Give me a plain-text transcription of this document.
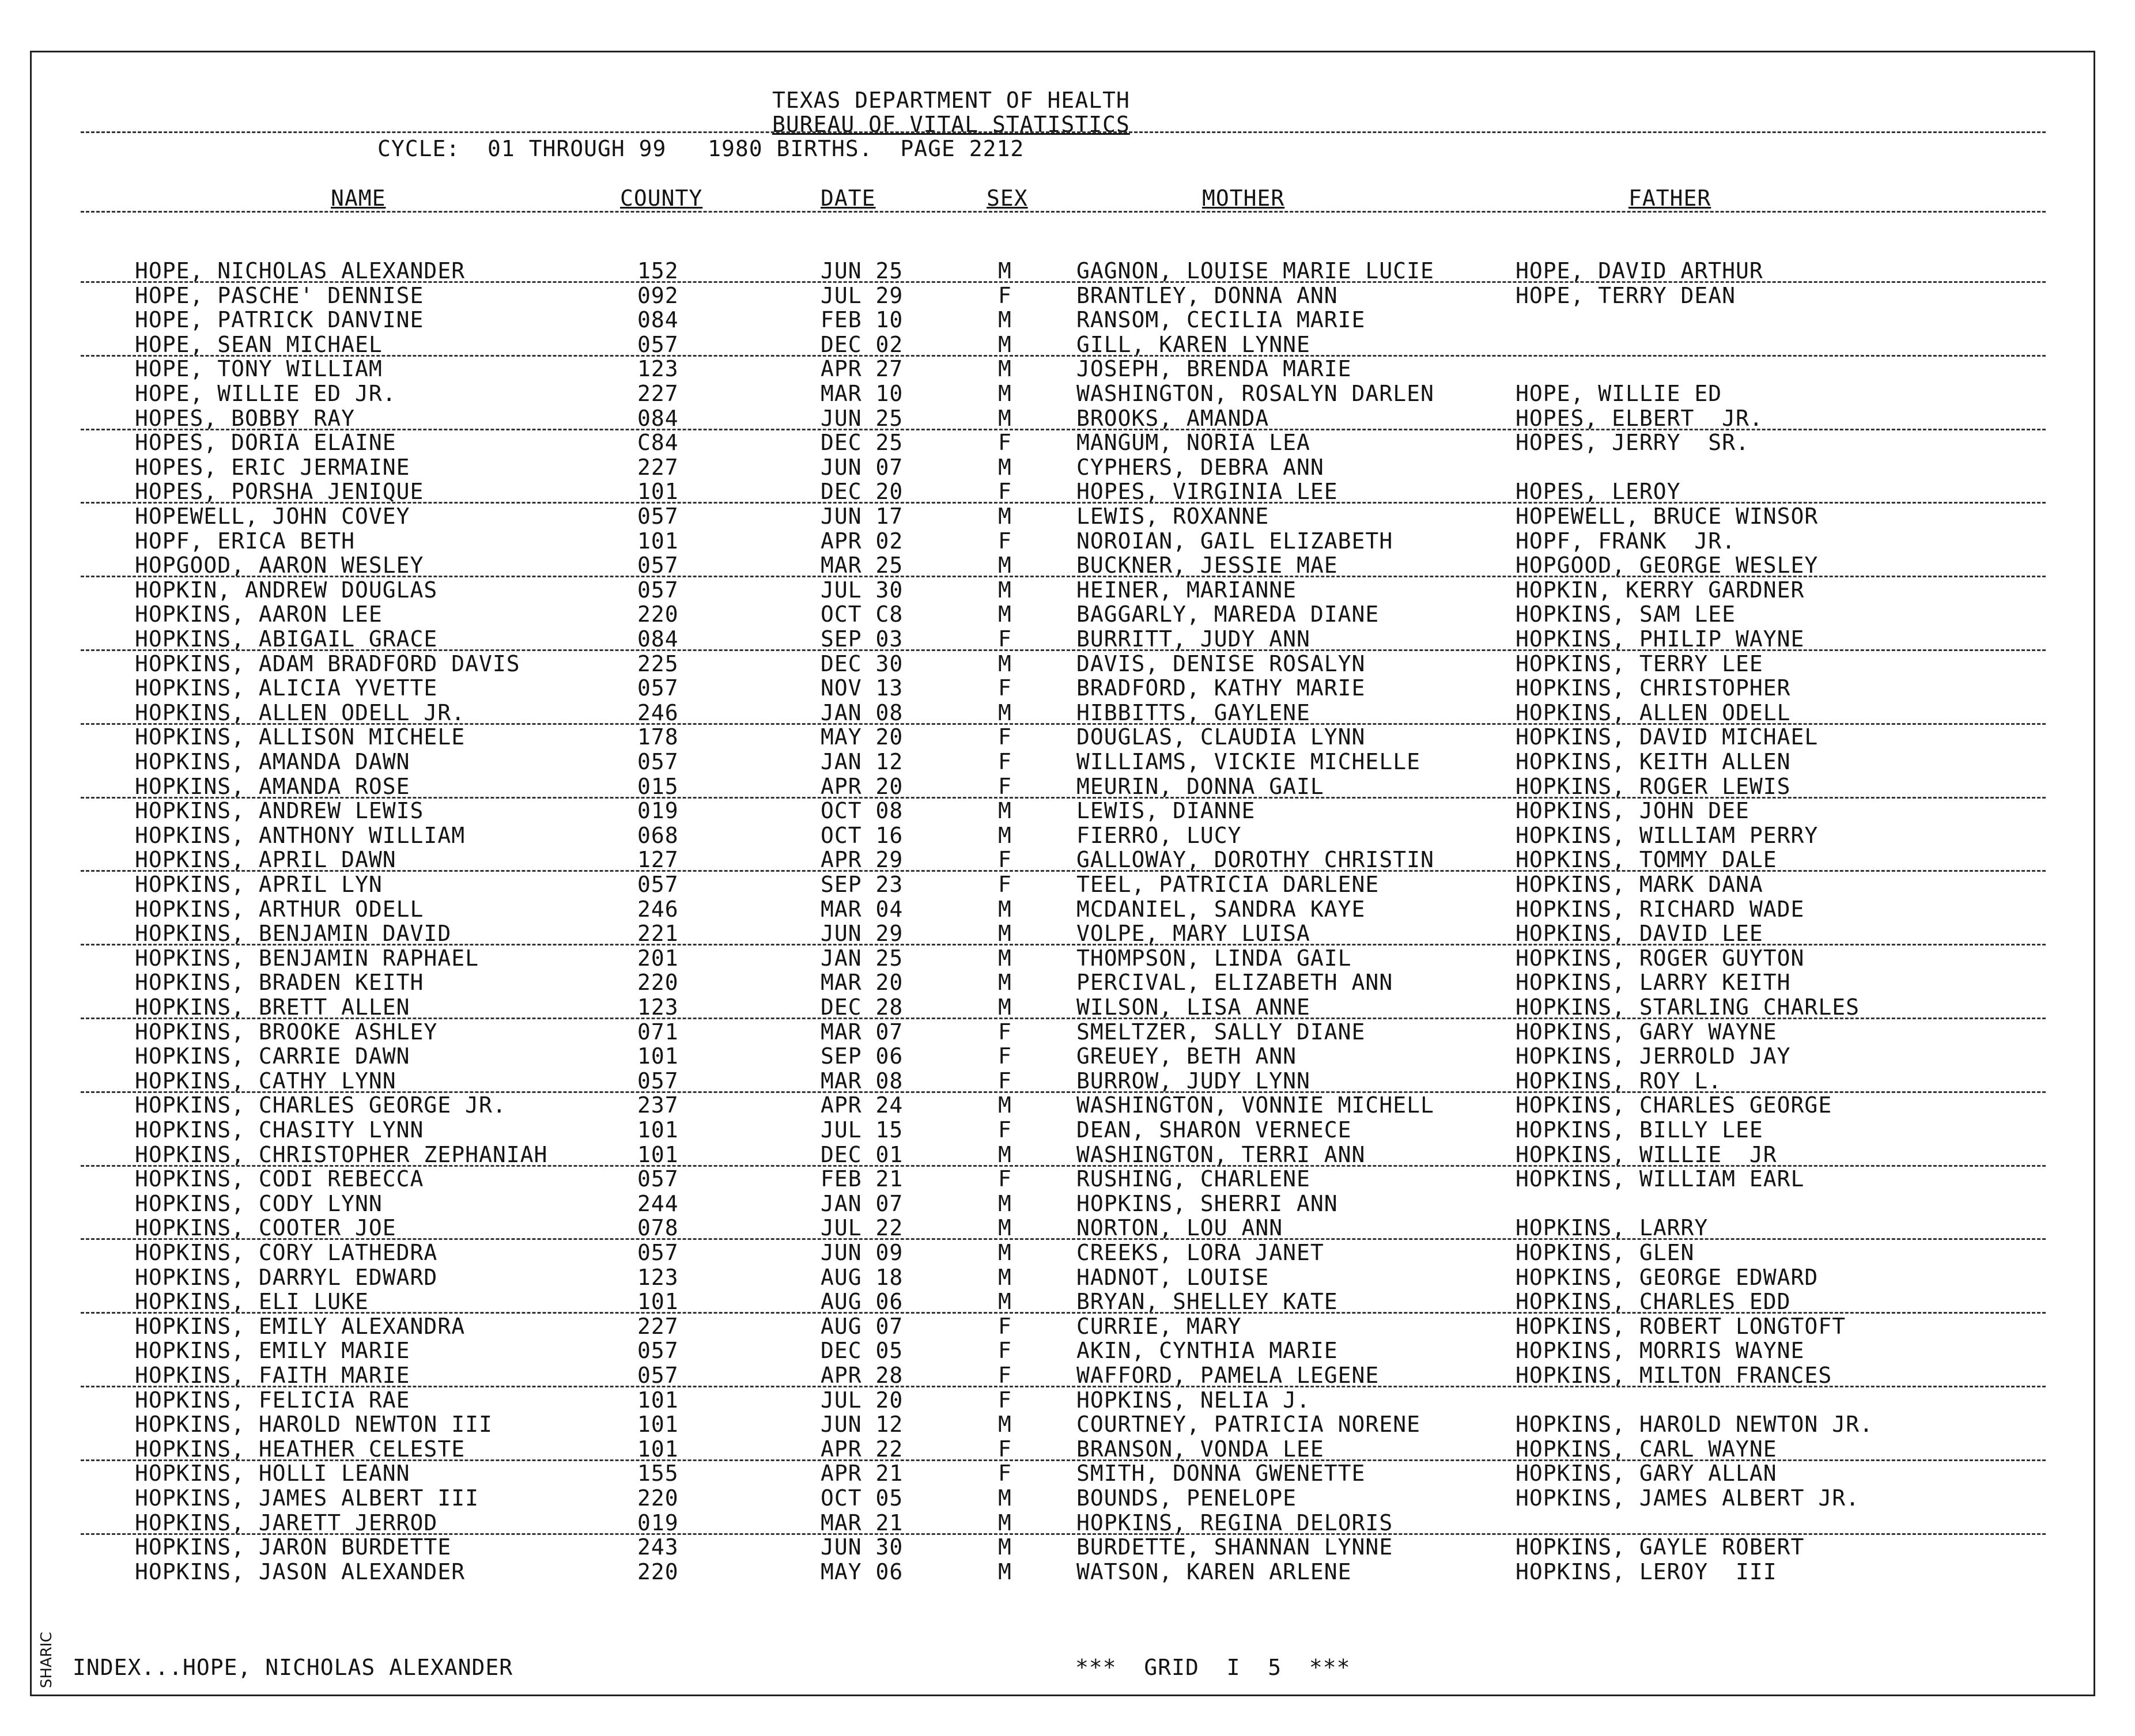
TEXAS DEPARTMENT OF HEALTH
BUREAU OF VITAL STATISTICS
CYCLE:  01 THROUGH 99   1980 BIRTHS.  PAGE 2212
NAME	COUNTY	DATE	SEX	MOTHER	FATHER
HOPE, NICHOLAS ALEXANDER	152	JUN 25	M	GAGNON, LOUISE MARIE LUCIE	HOPE, DAVID ARTHUR
HOPE, PASCHE' DENNISE	092	JUL 29	F	BRANTLEY, DONNA ANN	HOPE, TERRY DEAN
HOPE, PATRICK DANVINE	084	FEB 10	M	RANSOM, CECILIA MARIE
HOPE, SEAN MICHAEL	057	DEC 02	M	GILL, KAREN LYNNE
HOPE, TONY WILLIAM	123	APR 27	M	JOSEPH, BRENDA MARIE
HOPE, WILLIE ED JR.	227	MAR 10	M	WASHINGTON, ROSALYN DARLEN	HOPE, WILLIE ED
HOPES, BOBBY RAY	084	JUN 25	M	BROOKS, AMANDA	HOPES, ELBERT  JR.
HOPES, DORIA ELAINE	C84	DEC 25	F	MANGUM, NORIA LEA	HOPES, JERRY  SR.
HOPES, ERIC JERMAINE	227	JUN 07	M	CYPHERS, DEBRA ANN
HOPES, PORSHA JENIQUE	101	DEC 20	F	HOPES, VIRGINIA LEE	HOPES, LEROY
HOPEWELL, JOHN COVEY	057	JUN 17	M	LEWIS, ROXANNE	HOPEWELL, BRUCE WINSOR
HOPF, ERICA BETH	101	APR 02	F	NOROIAN, GAIL ELIZABETH	HOPF, FRANK  JR.
HOPGOOD, AARON WESLEY	057	MAR 25	M	BUCKNER, JESSIE MAE	HOPGOOD, GEORGE WESLEY
HOPKIN, ANDREW DOUGLAS	057	JUL 30	M	HEINER, MARIANNE	HOPKIN, KERRY GARDNER
HOPKINS, AARON LEE	220	OCT C8	M	BAGGARLY, MAREDA DIANE	HOPKINS, SAM LEE
HOPKINS, ABIGAIL GRACE	084	SEP 03	F	BURRITT, JUDY ANN	HOPKINS, PHILIP WAYNE
HOPKINS, ADAM BRADFORD DAVIS	225	DEC 30	M	DAVIS, DENISE ROSALYN	HOPKINS, TERRY LEE
HOPKINS, ALICIA YVETTE	057	NOV 13	F	BRADFORD, KATHY MARIE	HOPKINS, CHRISTOPHER
HOPKINS, ALLEN ODELL JR.	246	JAN 08	M	HIBBITTS, GAYLENE	HOPKINS, ALLEN ODELL
HOPKINS, ALLISON MICHELE	178	MAY 20	F	DOUGLAS, CLAUDIA LYNN	HOPKINS, DAVID MICHAEL
HOPKINS, AMANDA DAWN	057	JAN 12	F	WILLIAMS, VICKIE MICHELLE	HOPKINS, KEITH ALLEN
HOPKINS, AMANDA ROSE	015	APR 20	F	MEURIN, DONNA GAIL	HOPKINS, ROGER LEWIS
HOPKINS, ANDREW LEWIS	019	OCT 08	M	LEWIS, DIANNE	HOPKINS, JOHN DEE
HOPKINS, ANTHONY WILLIAM	068	OCT 16	M	FIERRO, LUCY	HOPKINS, WILLIAM PERRY
HOPKINS, APRIL DAWN	127	APR 29	F	GALLOWAY, DOROTHY CHRISTIN	HOPKINS, TOMMY DALE
HOPKINS, APRIL LYN	057	SEP 23	F	TEEL, PATRICIA DARLENE	HOPKINS, MARK DANA
HOPKINS, ARTHUR ODELL	246	MAR 04	M	MCDANIEL, SANDRA KAYE	HOPKINS, RICHARD WADE
HOPKINS, BENJAMIN DAVID	221	JUN 29	M	VOLPE, MARY LUISA	HOPKINS, DAVID LEE
HOPKINS, BENJAMIN RAPHAEL	201	JAN 25	M	THOMPSON, LINDA GAIL	HOPKINS, ROGER GUYTON
HOPKINS, BRADEN KEITH	220	MAR 20	M	PERCIVAL, ELIZABETH ANN	HOPKINS, LARRY KEITH
HOPKINS, BRETT ALLEN	123	DEC 28	M	WILSON, LISA ANNE	HOPKINS, STARLING CHARLES
HOPKINS, BROOKE ASHLEY	071	MAR 07	F	SMELTZER, SALLY DIANE	HOPKINS, GARY WAYNE
HOPKINS, CARRIE DAWN	101	SEP 06	F	GREUEY, BETH ANN	HOPKINS, JERROLD JAY
HOPKINS, CATHY LYNN	057	MAR 08	F	BURROW, JUDY LYNN	HOPKINS, ROY L.
HOPKINS, CHARLES GEORGE JR.	237	APR 24	M	WASHINGTON, VONNIE MICHELL	HOPKINS, CHARLES GEORGE
HOPKINS, CHASITY LYNN	101	JUL 15	F	DEAN, SHARON VERNECE	HOPKINS, BILLY LEE
HOPKINS, CHRISTOPHER ZEPHANIAH	101	DEC 01	M	WASHINGTON, TERRI ANN	HOPKINS, WILLIE  JR
HOPKINS, CODI REBECCA	057	FEB 21	F	RUSHING, CHARLENE	HOPKINS, WILLIAM EARL
HOPKINS, CODY LYNN	244	JAN 07	M	HOPKINS, SHERRI ANN
HOPKINS, COOTER JOE	078	JUL 22	M	NORTON, LOU ANN	HOPKINS, LARRY
HOPKINS, CORY LATHEDRA	057	JUN 09	M	CREEKS, LORA JANET	HOPKINS, GLEN
HOPKINS, DARRYL EDWARD	123	AUG 18	M	HADNOT, LOUISE	HOPKINS, GEORGE EDWARD
HOPKINS, ELI LUKE	101	AUG 06	M	BRYAN, SHELLEY KATE	HOPKINS, CHARLES EDD
HOPKINS, EMILY ALEXANDRA	227	AUG 07	F	CURRIE, MARY	HOPKINS, ROBERT LONGTOFT
HOPKINS, EMILY MARIE	057	DEC 05	F	AKIN, CYNTHIA MARIE	HOPKINS, MORRIS WAYNE
HOPKINS, FAITH MARIE	057	APR 28	F	WAFFORD, PAMELA LEGENE	HOPKINS, MILTON FRANCES
HOPKINS, FELICIA RAE	101	JUL 20	F	HOPKINS, NELIA J.
HOPKINS, HAROLD NEWTON III	101	JUN 12	M	COURTNEY, PATRICIA NORENE	HOPKINS, HAROLD NEWTON JR.
HOPKINS, HEATHER CELESTE	101	APR 22	F	BRANSON, VONDA LEE	HOPKINS, CARL WAYNE
HOPKINS, HOLLI LEANN	155	APR 21	F	SMITH, DONNA GWENETTE	HOPKINS, GARY ALLAN
HOPKINS, JAMES ALBERT III	220	OCT 05	M	BOUNDS, PENELOPE	HOPKINS, JAMES ALBERT JR.
HOPKINS, JARETT JERROD	019	MAR 21	M	HOPKINS, REGINA DELORIS
HOPKINS, JARON BURDETTE	243	JUN 30	M	BURDETTE, SHANNAN LYNNE	HOPKINS, GAYLE ROBERT
HOPKINS, JASON ALEXANDER	220	MAY 06	M	WATSON, KAREN ARLENE	HOPKINS, LEROY  III
INDEX...HOPE, NICHOLAS ALEXANDER	***  GRID  I  5  ***
SHARIC
